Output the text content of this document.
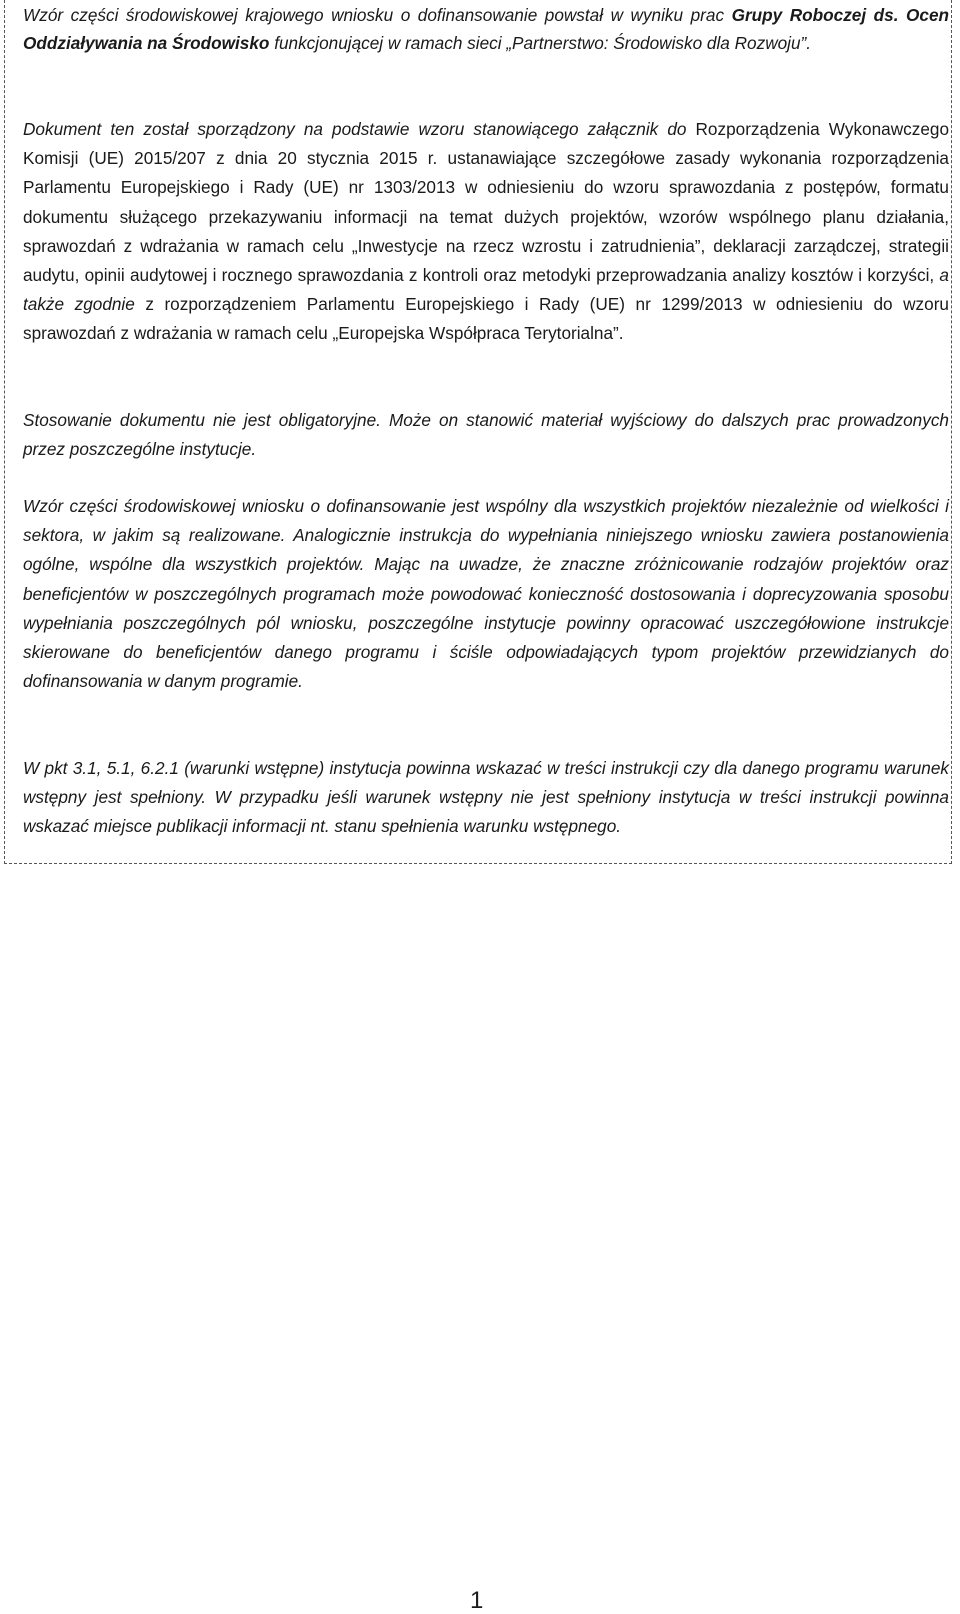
Wzór części środowiskowej krajowego wniosku o dofinansowanie powstał w wyniku prac Grupy Roboczej ds. Ocen Oddziaływania na Środowisko funkcjonującej w ramach sieci „Partnerstwo: Środowisko dla Rozwoju”.

Dokument ten został sporządzony na podstawie wzoru stanowiącego załącznik do Rozporządzenia Wykonawczego Komisji (UE) 2015/207 z dnia 20 stycznia 2015 r. ustanawiające szczegółowe zasady wykonania rozporządzenia Parlamentu Europejskiego i Rady (UE) nr 1303/2013 w odniesieniu do wzoru sprawozdania z postępów, formatu dokumentu służącego przekazywaniu informacji na temat dużych projektów, wzorów wspólnego planu działania, sprawozdań z wdrażania w ramach celu „Inwestycje na rzecz wzrostu i zatrudnienia”, deklaracji zarządczej, strategii audytu, opinii audytowej i rocznego sprawozdania z kontroli oraz metodyki przeprowadzania analizy kosztów i korzyści, a także zgodnie z rozporządzeniem Parlamentu Europejskiego i Rady (UE) nr 1299/2013 w odniesieniu do wzoru sprawozdań z wdrażania w ramach celu „Europejska Współpraca Terytorialna”.

Stosowanie dokumentu nie jest obligatoryjne. Może on stanowić materiał wyjściowy do dalszych prac prowadzonych przez poszczególne instytucje.

Wzór części środowiskowej wniosku o dofinansowanie jest wspólny dla wszystkich projektów niezależnie od wielkości i sektora, w jakim są realizowane. Analogicznie instrukcja do wypełniania niniejszego wniosku zawiera postanowienia ogólne, wspólne dla wszystkich projektów. Mając na uwadze, że znaczne zróżnicowanie rodzajów projektów oraz beneficjentów w poszczególnych programach może powodować konieczność dostosowania i doprecyzowania sposobu wypełniania poszczególnych pól wniosku, poszczególne instytucje powinny opracować uszczegółowione instrukcje skierowane do beneficjentów danego programu i ściśle odpowiadających typom projektów przewidzianych do dofinansowania w danym programie.

W pkt 3.1, 5.1, 6.2.1 (warunki wstępne) instytucja powinna wskazać w treści instrukcji czy dla danego programu warunek wstępny jest spełniony. W przypadku jeśli warunek wstępny nie jest spełniony instytucja w treści instrukcji powinna wskazać miejsce publikacji informacji nt. stanu spełnienia warunku wstępnego.

1
